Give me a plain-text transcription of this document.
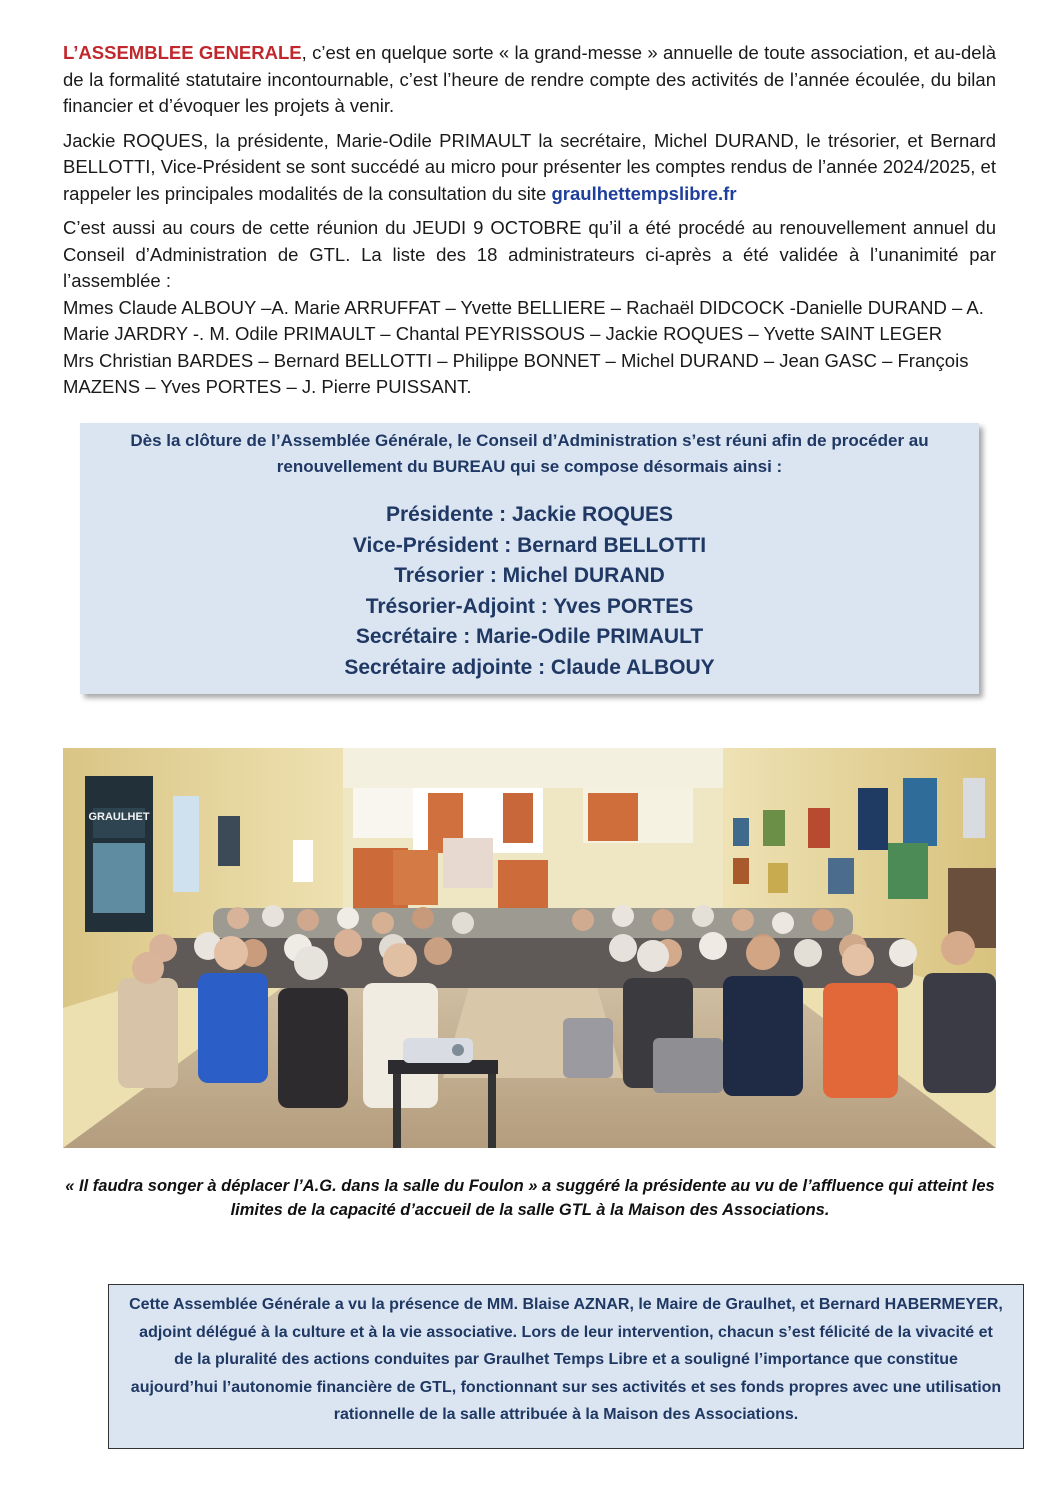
L’ASSEMBLEE GENERALE, c’est en quelque sorte « la grand-messe » annuelle de toute association, et au-delà de la formalité statutaire incontournable, c’est l’heure de rendre compte des activités de l’année écoulée, du bilan financier et d’évoquer les projets à venir.

Jackie ROQUES, la présidente, Marie-Odile PRIMAULT la secrétaire, Michel DURAND, le trésorier, et Bernard BELLOTTI, Vice-Président se sont succédé au micro pour présenter les comptes rendus de l’année 2024/2025, et rappeler les principales modalités de la consultation du site graulhettempslibre.fr

C’est aussi au cours de cette réunion du JEUDI 9 OCTOBRE qu’il a été procédé au renouvellement annuel du Conseil d’Administration de GTL. La liste des 18 administrateurs ci-après a été validée à l’unanimité par l’assemblée :

Mmes Claude ALBOUY –A. Marie ARRUFFAT – Yvette BELLIERE – Rachaël DIDCOCK -Danielle DURAND – A. Marie JARDRY -. M. Odile PRIMAULT – Chantal PEYRISSOUS – Jackie ROQUES – Yvette SAINT LEGER

Mrs Christian BARDES – Bernard BELLOTTI – Philippe BONNET – Michel DURAND – Jean GASC – François MAZENS – Yves PORTES – J. Pierre PUISSANT.

Dès la clôture de l’Assemblée Générale, le Conseil d’Administration s’est réuni afin de procéder au renouvellement du BUREAU qui se compose désormais ainsi :
Présidente : Jackie ROQUES
Vice-Président : Bernard BELLOTTI
Trésorier : Michel DURAND
Trésorier-Adjoint : Yves PORTES
Secrétaire : Marie-Odile PRIMAULT
Secrétaire adjointe : Claude ALBOUY
GRAULHET
« Il faudra songer à déplacer l’A.G. dans la salle du Foulon » a suggéré la présidente au vu de l’affluence qui atteint les limites de la capacité d’accueil de la salle GTL à la Maison des Associations.
Cette Assemblée Générale a vu la présence de MM. Blaise AZNAR, le Maire de Graulhet, et Bernard HABERMEYER, adjoint délégué à la culture et à la vie associative. Lors de leur intervention, chacun s’est félicité de la vivacité et de la pluralité des actions conduites par Graulhet Temps Libre et a souligné l’importance que constitue aujourd’hui l’autonomie financière de GTL, fonctionnant sur ses activités et ses fonds propres avec une utilisation rationnelle de la salle attribuée à la Maison des Associations.
